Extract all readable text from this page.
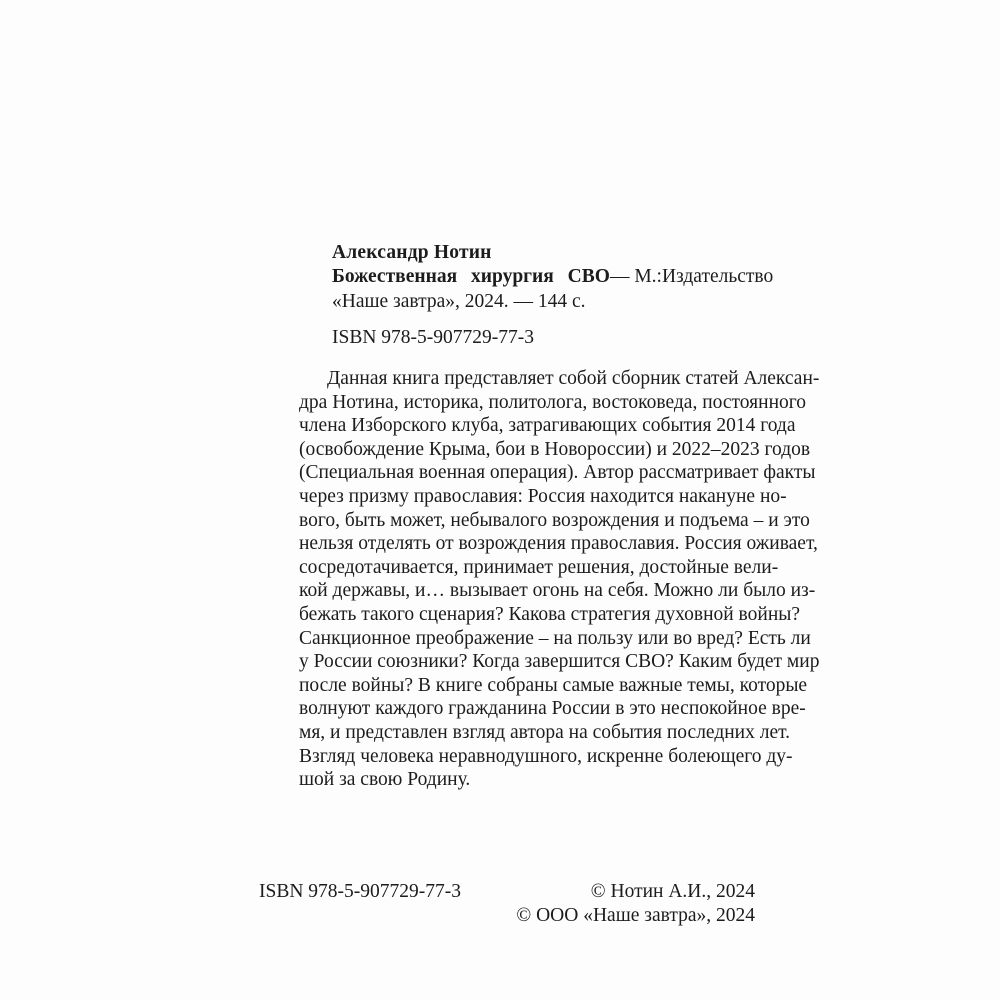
Александр Нотин
Божественная хирургия СВО — М.: Издательство
«Наше завтра», 2024. — 144 с.
ISBN 978-5-907729-77-3
Данная книга представляет собой сборник статей Алексан-
дра Нотина, историка, политолога, востоковеда, постоянного
члена Изборского клуба, затрагивающих события 2014 года
(освобождение Крыма, бои в Новороссии) и 2022–2023 годов
(Специальная военная операция). Автор рассматривает факты
через призму православия: Россия находится накануне но-
вого, быть может, небывалого возрождения и подъема – и это
нельзя отделять от возрождения православия. Россия оживает,
сосредотачивается, принимает решения, достойные вели-
кой державы, и… вызывает огонь на себя. Можно ли было из-
бежать такого сценария? Какова стратегия духовной войны?
Санкционное преображение – на пользу или во вред? Есть ли
у России союзники? Когда завершится СВО? Каким будет мир
после войны? В книге собраны самые важные темы, которые
волнуют каждого гражданина России в это неспокойное вре-
мя, и представлен взгляд автора на события последних лет.
Взгляд человека неравнодушного, искренне болеющего ду-
шой за свою Родину.
ISBN 978-5-907729-77-3	© Нотин А.И., 2024
© ООО «Наше завтра», 2024
